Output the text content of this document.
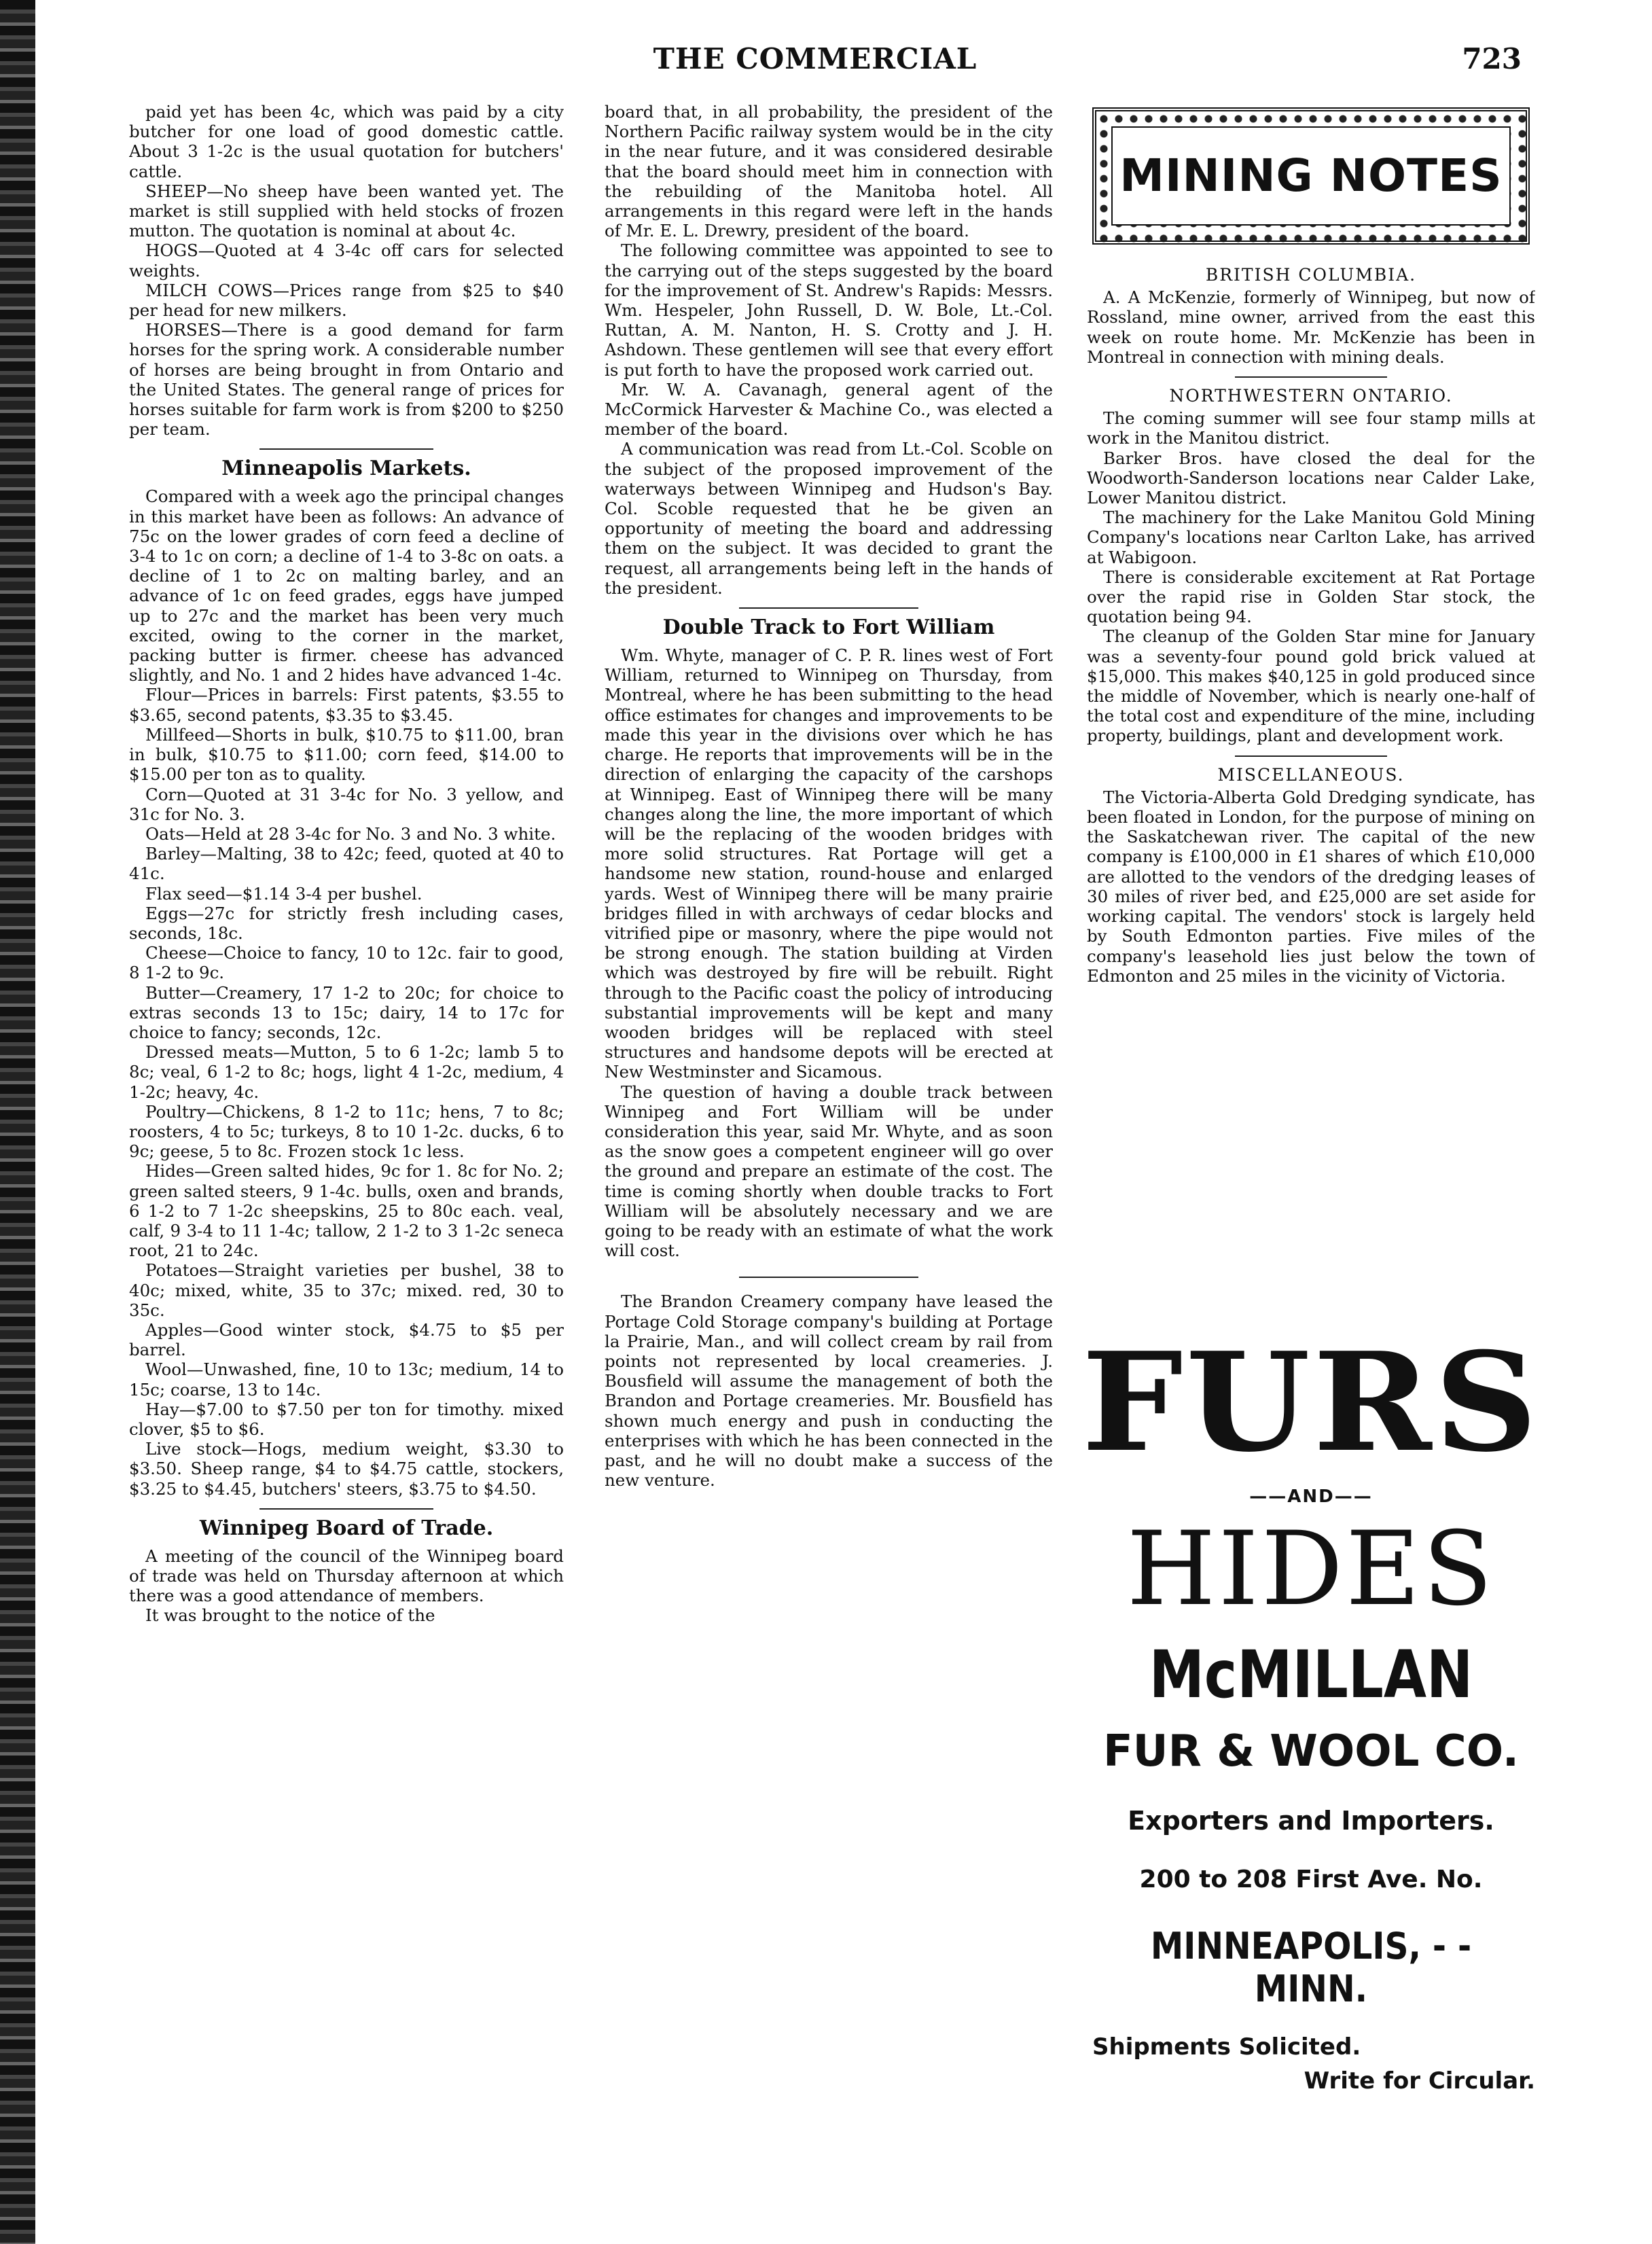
THE COMMERCIAL	723

paid yet has been 4c, which was paid by a city butcher for one load of good domestic cattle. About 3 1-2c is the usual quotation for butchers' cattle.

SHEEP—No sheep have been wanted yet. The market is still supplied with held stocks of frozen mutton. The quotation is nominal at about 4c.

HOGS—Quoted at 4 3-4c off cars for selected weights.

MILCH COWS—Prices range from $25 to $40 per head for new milkers.

HORSES—There is a good demand for farm horses for the spring work. A considerable number of horses are being brought in from Ontario and the United States. The general range of prices for horses suitable for farm work is from $200 to $250 per team.

Minneapolis Markets.

Compared with a week ago the principal changes in this market have been as follows: An advance of 75c on the lower grades of corn feed a decline of 3-4 to 1c on corn; a decline of 1-4 to 3-8c on oats. a decline of 1 to 2c on malting barley, and an advance of 1c on feed grades, eggs have jumped up to 27c and the market has been very much excited, owing to the corner in the market, packing butter is firmer. cheese has advanced slightly, and No. 1 and 2 hides have advanced 1-4c.

Flour—Prices in barrels: First patents, $3.55 to $3.65, second patents, $3.35 to $3.45.

Millfeed—Shorts in bulk, $10.75 to $11.00, bran in bulk, $10.75 to $11.00; corn feed, $14.00 to $15.00 per ton as to quality.

Corn—Quoted at 31 3-4c for No. 3 yellow, and 31c for No. 3.

Oats—Held at 28 3-4c for No. 3 and No. 3 white.

Barley—Malting, 38 to 42c; feed, quoted at 40 to 41c.

Flax seed—$1.14 3-4 per bushel.

Eggs—27c for strictly fresh including cases, seconds, 18c.

Cheese—Choice to fancy, 10 to 12c. fair to good, 8 1-2 to 9c.

Butter—Creamery, 17 1-2 to 20c; for choice to extras seconds 13 to 15c; dairy, 14 to 17c for choice to fancy; seconds, 12c.

Dressed meats—Mutton, 5 to 6 1-2c; lamb 5 to 8c; veal, 6 1-2 to 8c; hogs, light 4 1-2c, medium, 4 1-2c; heavy, 4c.

Poultry—Chickens, 8 1-2 to 11c; hens, 7 to 8c; roosters, 4 to 5c; turkeys, 8 to 10 1-2c. ducks, 6 to 9c; geese, 5 to 8c. Frozen stock 1c less.

Hides—Green salted hides, 9c for 1. 8c for No. 2; green salted steers, 9 1-4c. bulls, oxen and brands, 6 1-2 to 7 1-2c sheepskins, 25 to 80c each. veal, calf, 9 3-4 to 11 1-4c; tallow, 2 1-2 to 3 1-2c seneca root, 21 to 24c.

Potatoes—Straight varieties per bushel, 38 to 40c; mixed, white, 35 to 37c; mixed. red, 30 to 35c.

Apples—Good winter stock, $4.75 to $5 per barrel.

Wool—Unwashed, fine, 10 to 13c; medium, 14 to 15c; coarse, 13 to 14c.

Hay—$7.00 to $7.50 per ton for timothy. mixed clover, $5 to $6.

Live stock—Hogs, medium weight, $3.30 to $3.50. Sheep range, $4 to $4.75 cattle, stockers, $3.25 to $4.45, butchers' steers, $3.75 to $4.50.

Winnipeg Board of Trade.

A meeting of the council of the Winnipeg board of trade was held on Thursday afternoon at which there was a good attendance of members.

It was brought to the notice of the

board that, in all probability, the president of the Northern Pacific railway system would be in the city in the near future, and it was considered desirable that the board should meet him in connection with the rebuilding of the Manitoba hotel. All arrangements in this regard were left in the hands of Mr. E. L. Drewry, president of the board.

The following committee was appointed to see to the carrying out of the steps suggested by the board for the improvement of St. Andrew's Rapids: Messrs. Wm. Hespeler, John Russell, D. W. Bole, Lt.-Col. Ruttan, A. M. Nanton, H. S. Crotty and J. H. Ashdown. These gentlemen will see that every effort is put forth to have the proposed work carried out.

Mr. W. A. Cavanagh, general agent of the McCormick Harvester & Machine Co., was elected a member of the board.

A communication was read from Lt.-Col. Scoble on the subject of the proposed improvement of the waterways between Winnipeg and Hudson's Bay. Col. Scoble requested that he be given an opportunity of meeting the board and addressing them on the subject. It was decided to grant the request, all arrangements being left in the hands of the president.

Double Track to Fort William

Wm. Whyte, manager of C. P. R. lines west of Fort William, returned to Winnipeg on Thursday, from Montreal, where he has been submitting to the head office estimates for changes and improvements to be made this year in the divisions over which he has charge. He reports that improvements will be in the direction of enlarging the capacity of the carshops at Winnipeg. East of Winnipeg there will be many changes along the line, the more important of which will be the replacing of the wooden bridges with more solid structures. Rat Portage will get a handsome new station, round-house and enlarged yards. West of Winnipeg there will be many prairie bridges filled in with archways of cedar blocks and vitrified pipe or masonry, where the pipe would not be strong enough. The station building at Virden which was destroyed by fire will be rebuilt. Right through to the Pacific coast the policy of introducing substantial improvements will be kept and many wooden bridges will be replaced with steel structures and handsome depots will be erected at New Westminster and Sicamous.

The question of having a double track between Winnipeg and Fort William will be under consideration this year, said Mr. Whyte, and as soon as the snow goes a competent engineer will go over the ground and prepare an estimate of the cost. The time is coming shortly when double tracks to Fort William will be absolutely necessary and we are going to be ready with an estimate of what the work will cost.

The Brandon Creamery company have leased the Portage Cold Storage company's building at Portage la Prairie, Man., and will collect cream by rail from points not represented by local creameries. J. Bousfield will assume the management of both the Brandon and Portage creameries. Mr. Bousfield has shown much energy and push in conducting the enterprises with which he has been connected in the past, and he will no doubt make a success of the new venture.

MINING NOTES
BRITISH COLUMBIA.

A. A McKenzie, formerly of Winnipeg, but now of Rossland, mine owner, arrived from the east this week on route home. Mr. McKenzie has been in Montreal in connection with mining deals.

NORTHWESTERN ONTARIO.

The coming summer will see four stamp mills at work in the Manitou district.

Barker Bros. have closed the deal for the Woodworth-Sanderson locations near Calder Lake, Lower Manitou district.

The machinery for the Lake Manitou Gold Mining Company's locations near Carlton Lake, has arrived at Wabigoon.

There is considerable excitement at Rat Portage over the rapid rise in Golden Star stock, the quotation being 94.

The cleanup of the Golden Star mine for January was a seventy-four pound gold brick valued at $15,000. This makes $40,125 in gold produced since the middle of November, which is nearly one-half of the total cost and expenditure of the mine, including property, buildings, plant and development work.

MISCELLANEOUS.

The Victoria-Alberta Gold Dredging syndicate, has been floated in London, for the purpose of mining on the Saskatchewan river. The capital of the new company is £100,000 in £1 shares of which £10,000 are allotted to the vendors of the dredging leases of 30 miles of river bed, and £25,000 are set aside for working capital. The vendors' stock is largely held by South Edmonton parties. Five miles of the company's leasehold lies just below the town of Edmonton and 25 miles in the vicinity of Victoria.

FURS
——AND——
HIDES
McMILLAN
FUR & WOOL CO.
Exporters and Importers.
200 to 208 First Ave. No.
MINNEAPOLIS, - - MINN.
Shipments Solicited.
Write for Circular.
